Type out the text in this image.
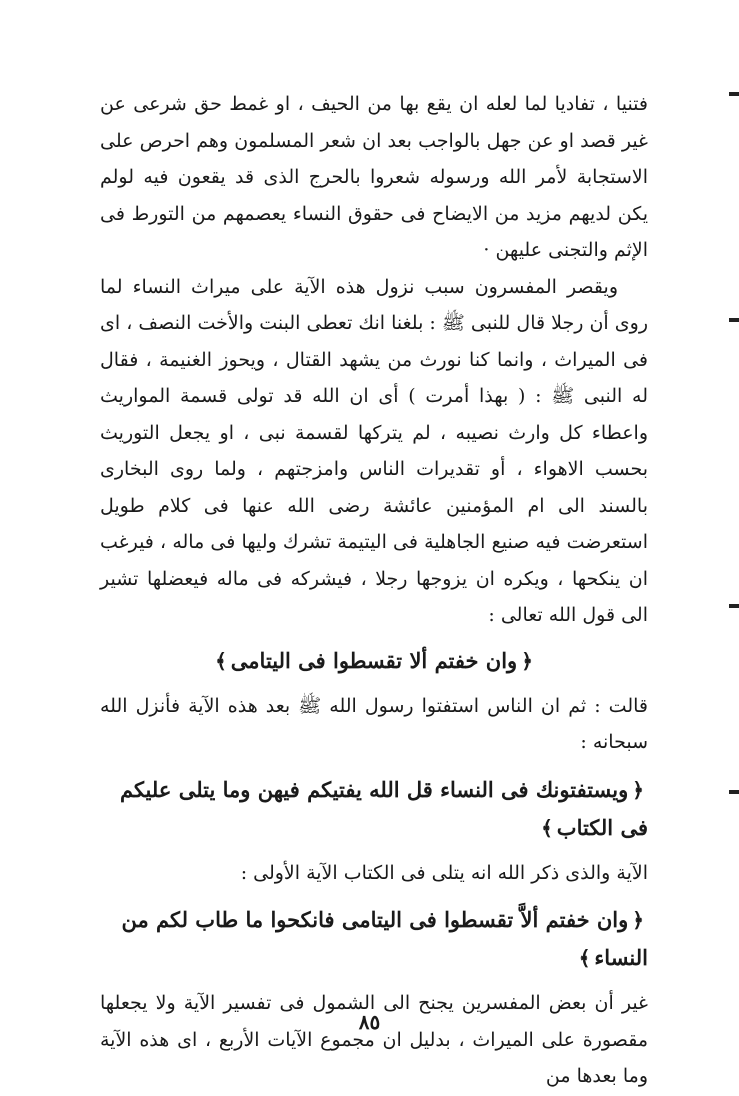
فتنيا ، تفاديا لما لعله ان يقع بها من الحيف ، او غمط حق شرعى عن غير قصد او عن جهل بالواجب بعد ان شعر المسلمون وهم احرص على الاستجابة لأمر الله ورسوله شعروا بالحرج الذى قد يقعون فيه لولم يكن لديهم مزيد من الايضاح فى حقوق النساء يعصمهم من التورط فى الإثم والتجنى عليهن ·

ويقصر المفسرون سبب نزول هذه الآية على ميراث النساء لما روى أن رجلا قال للنبى ﷺ : بلغنا انك تعطى البنت والأخت النصف ، اى فى الميراث ، وانما كنا نورث من يشهد القتال ، ويحوز الغنيمة ، فقال له النبى ﷺ : ( بهذا أمرت ) أى ان الله قد تولى قسمة المواريث واعطاء كل وارث نصيبه ، لم يتركها لقسمة نبى ، او يجعل التوريث بحسب الاهواء ، أو تقديرات الناس وامزجتهم ، ولما روى البخارى بالسند الى ام المؤمنين عائشة رضى الله عنها فى كلام طويل استعرضت فيه صنيع الجاهلية فى اليتيمة تشرك وليها فى ماله ، فيرغب ان ينكحها ، ويكره ان يزوجها رجلا ، فيشركه فى ماله فيعضلها تشير الى قول الله تعالى :

﴿وان خفتم ألا تقسطوا فى اليتامى﴾

قالت : ثم ان الناس استفتوا رسول الله ﷺ بعد هذه الآية فأنزل الله سبحانه :

﴿ويستفتونك فى النساء قل الله يفتيكم فيهن وما يتلى عليكم فى الكتاب﴾

الآية والذى ذكر الله انه يتلى فى الكتاب الآية الأولى :

﴿وان خفتم ألاَّ تقسطوا فى اليتامى فانكحوا ما طاب لكم من النساء﴾

غير أن بعض المفسرين يجنح الى الشمول فى تفسير الآية ولا يجعلها مقصورة على الميراث ، بدليل ان مجموع الآيات الأربع ، اى هذه الآية وما بعدها من

٨٥
